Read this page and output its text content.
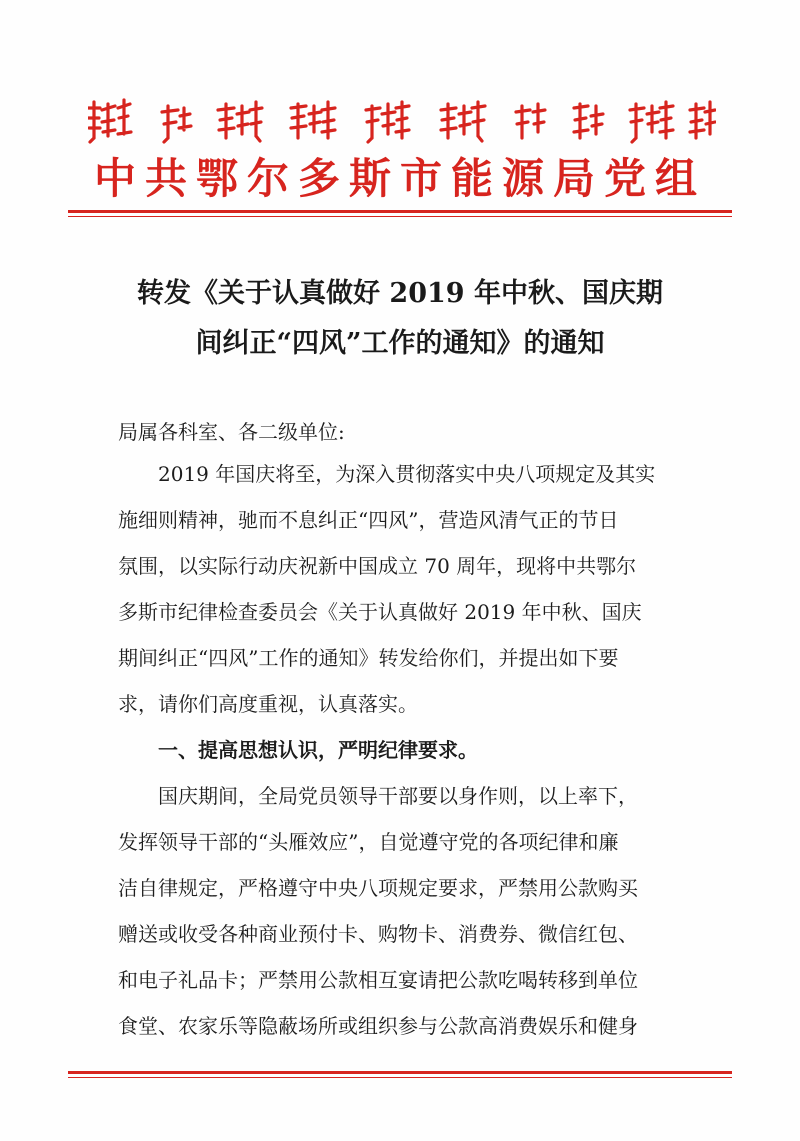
中共鄂尔多斯市能源局党组
转发《关于认真做好 2019 年中秋、国庆期
间纠正“四风”工作的通知》的通知

局属各科室、各二级单位:

2019 年国庆将至，为深入贯彻落实中央八项规定及其实

施细则精神，驰而不息纠正“四风”，营造风清气正的节日

氛围，以实际行动庆祝新中国成立 70 周年，现将中共鄂尔

多斯市纪律检查委员会《关于认真做好 2019 年中秋、国庆

期间纠正“四风”工作的通知》转发给你们，并提出如下要

求，请你们高度重视，认真落实。

一、提高思想认识，严明纪律要求。

国庆期间，全局党员领导干部要以身作则，以上率下，

发挥领导干部的“头雁效应”，自觉遵守党的各项纪律和廉

洁自律规定，严格遵守中央八项规定要求，严禁用公款购买

赠送或收受各种商业预付卡、购物卡、消费券、微信红包、

和电子礼品卡；严禁用公款相互宴请把公款吃喝转移到单位

食堂、农家乐等隐蔽场所或组织参与公款高消费娱乐和健身
